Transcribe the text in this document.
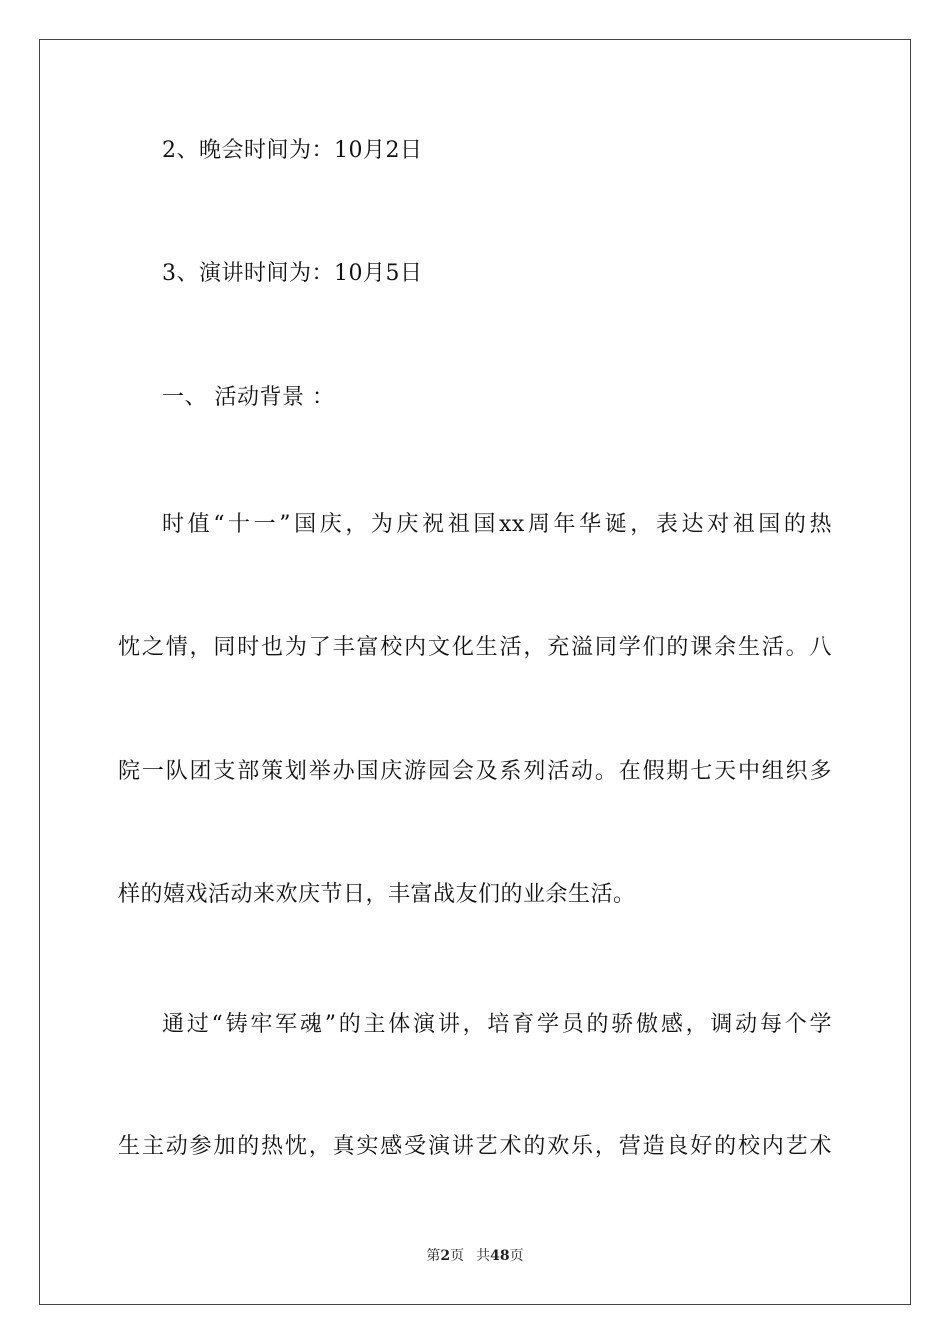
2、晚会时间为：10月2日
3、演讲时间为：10月5日
一、 活动背景 ：
时值“十一”国庆，为庆祝祖国xx周年华诞，表达对祖国的热
忱之情，同时也为了丰富校内文化生活，充溢同学们的课余生活。八
院一队团支部策划举办国庆游园会及系列活动。在假期七天中组织多
样的嬉戏活动来欢庆节日，丰富战友们的业余生活。
通过“铸牢军魂”的主体演讲，培育学员的骄傲感，调动每个学
生主动参加的热忱，真实感受演讲艺术的欢乐，营造良好的校内艺术
第2页 共48页
